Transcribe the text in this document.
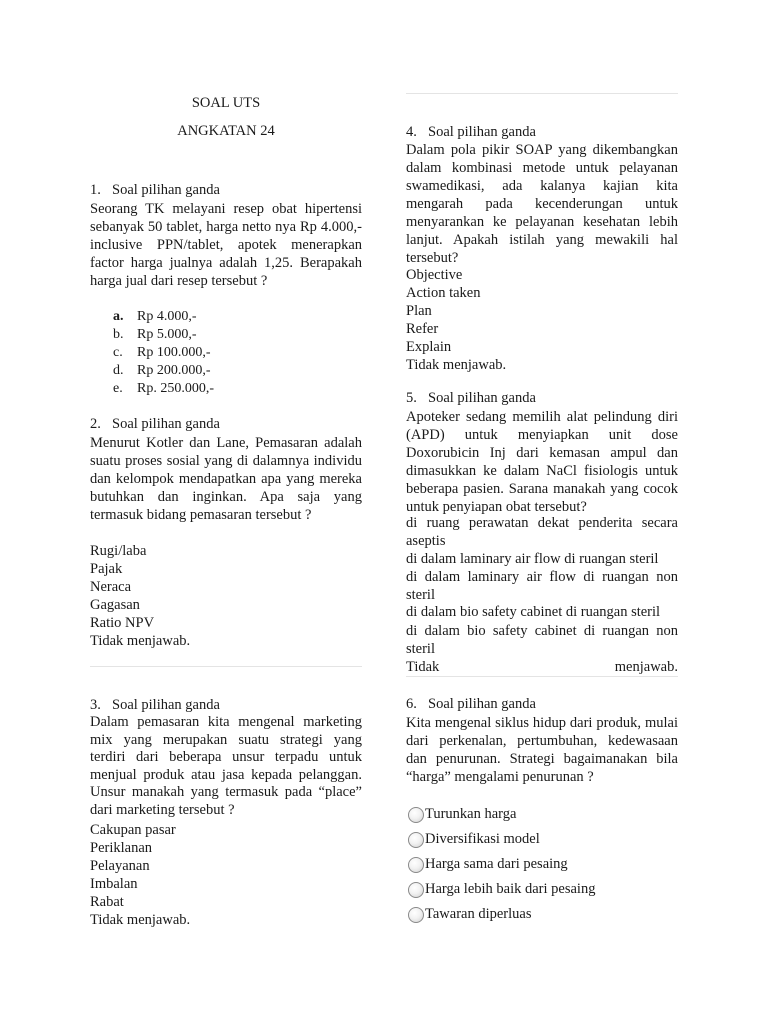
SOAL UTS
ANGKATAN 24
1. Soal pilihan ganda
Seorang TK melayani resep obat hipertensi sebanyak 50 tablet, harga netto nya Rp 4.000,- inclusive PPN/tablet, apotek menerapkan factor harga jualnya adalah 1,25. Berapakah harga jual dari resep tersebut ?
a. Rp 4.000,-
b. Rp 5.000,-
c. Rp 100.000,-
d. Rp 200.000,-
e. Rp. 250.000,-
2. Soal pilihan ganda
Menurut Kotler dan Lane, Pemasaran adalah suatu proses sosial yang di dalamnya individu dan kelompok mendapatkan apa yang mereka butuhkan dan inginkan. Apa saja yang termasuk bidang pemasaran tersebut ?
Rugi/laba
Pajak
Neraca
Gagasan
Ratio NPV
Tidak menjawab.
3. Soal pilihan ganda
Dalam pemasaran kita mengenal marketing mix yang merupakan suatu strategi yang terdiri dari beberapa unsur terpadu untuk menjual produk atau jasa kepada pelanggan. Unsur manakah yang termasuk pada “place” dari marketing tersebut ?
Cakupan pasar
Periklanan
Pelayanan
Imbalan
Rabat
Tidak menjawab.
4. Soal pilihan ganda
Dalam pola pikir SOAP yang dikembangkan dalam kombinasi metode untuk pelayanan swamedikasi, ada kalanya kajian kita mengarah pada kecenderungan untuk menyarankan ke pelayanan kesehatan lebih lanjut. Apakah istilah yang mewakili hal tersebut?
Objective
Action taken
Plan
Refer
Explain
Tidak menjawab.
5. Soal pilihan ganda
Apoteker sedang memilih alat pelindung diri (APD) untuk menyiapkan unit dose Doxorubicin Inj dari kemasan ampul dan dimasukkan ke dalam NaCl fisiologis untuk beberapa pasien. Sarana manakah yang cocok untuk penyiapan obat tersebut?
di ruang perawatan dekat penderita secara aseptis
di dalam laminary air flow di ruangan steril
di dalam laminary air flow di ruangan non steril
di dalam bio safety cabinet di ruangan steril
di dalam bio safety cabinet di ruangan non steril
Tidak menjawab.
6. Soal pilihan ganda
Kita mengenal siklus hidup dari produk, mulai dari perkenalan, pertumbuhan, kedewasaan dan penurunan. Strategi bagaimanakan bila “harga” mengalami penurunan ?
Turunkan harga
Diversifikasi model
Harga sama dari pesaing
Harga lebih baik dari pesaing
Tawaran diperluas
